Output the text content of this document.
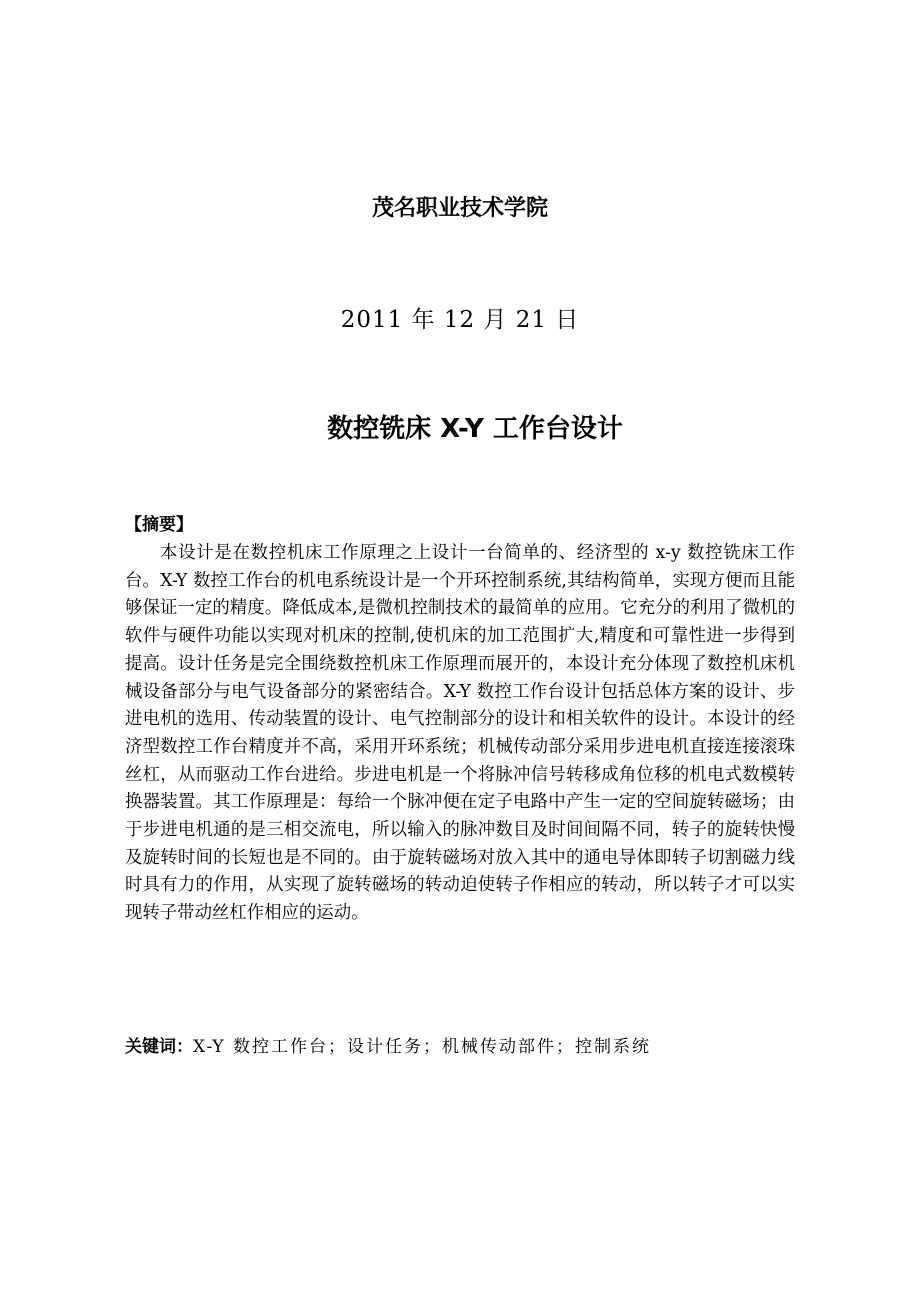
茂名职业技术学院
2011 年 12 月 21 日
数控铣床 X-Y 工作台设计
【摘要】

本设计是在数控机床工作原理之上设计一台简单的、经济型的 x-y 数控铣床工作台。X-Y 数控工作台的机电系统设计是一个开环控制系统,其结构简单，实现方便而且能够保证一定的精度。降低成本,是微机控制技术的最简单的应用。它充分的利用了微机的软件与硬件功能以实现对机床的控制,使机床的加工范围扩大,精度和可靠性进一步得到提高。设计任务是完全围绕数控机床工作原理而展开的，本设计充分体现了数控机床机械设备部分与电气设备部分的紧密结合。X-Y 数控工作台设计包括总体方案的设计、步进电机的选用、传动装置的设计、电气控制部分的设计和相关软件的设计。本设计的经济型数控工作台精度并不高，采用开环系统；机械传动部分采用步进电机直接连接滚珠丝杠，从而驱动工作台进给。步进电机是一个将脉冲信号转移成角位移的机电式数模转换器装置。其工作原理是：每给一个脉冲便在定子电路中产生一定的空间旋转磁场；由于步进电机通的是三相交流电，所以输入的脉冲数目及时间间隔不同，转子的旋转快慢及旋转时间的长短也是不同的。由于旋转磁场对放入其中的通电导体即转子切割磁力线时具有力的作用，从实现了旋转磁场的转动迫使转子作相应的转动，所以转子才可以实现转子带动丝杠作相应的运动。

关键词：X-Y 数控工作台；设计任务；机械传动部件；控制系统
